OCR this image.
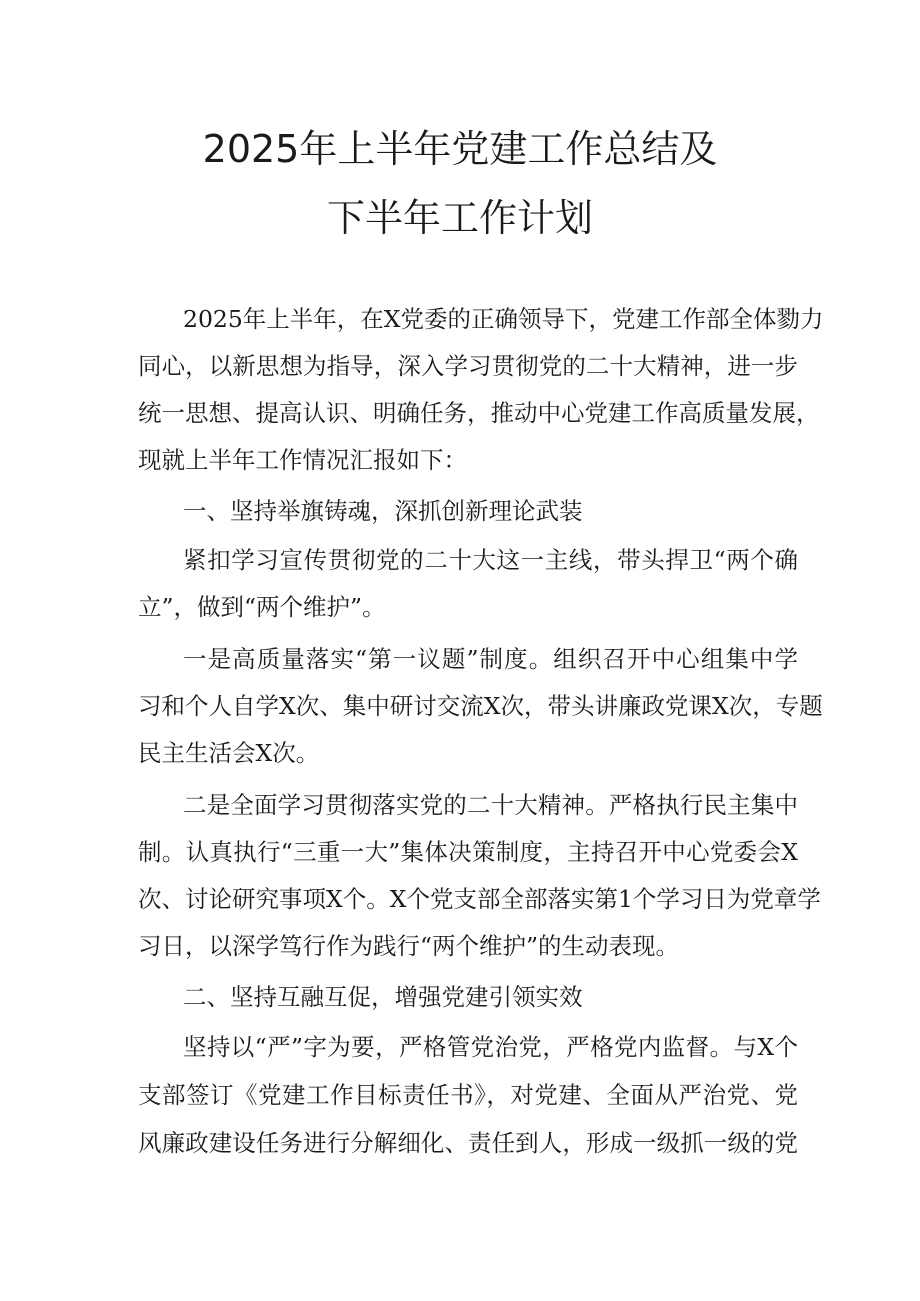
2025年上半年党建工作总结及
下半年工作计划
2025年上半年，在X党委的正确领导下，党建工作部全体勠力
同心，以新思想为指导，深入学习贯彻党的二十大精神，进一步
统一思想、提高认识、明确任务，推动中心党建工作高质量发展，
现就上半年工作情况汇报如下：
一、坚持举旗铸魂，深抓创新理论武装
紧扣学习宣传贯彻党的二十大这一主线，带头捍卫“两个确
立”，做到“两个维护”。
一是高质量落实“第一议题”制度。组织召开中心组集中学
习和个人自学X次、集中研讨交流X次，带头讲廉政党课X次，专题
民主生活会X次。
二是全面学习贯彻落实党的二十大精神。严格执行民主集中
制。认真执行“三重一大”集体决策制度，主持召开中心党委会X
次、讨论研究事项X个。X个党支部全部落实第1个学习日为党章学
习日，以深学笃行作为践行“两个维护”的生动表现。
二、坚持互融互促，增强党建引领实效
坚持以“严”字为要，严格管党治党，严格党内监督。与X个
支部签订《党建工作目标责任书》，对党建、全面从严治党、党
风廉政建设任务进行分解细化、责任到人，形成一级抓一级的党
